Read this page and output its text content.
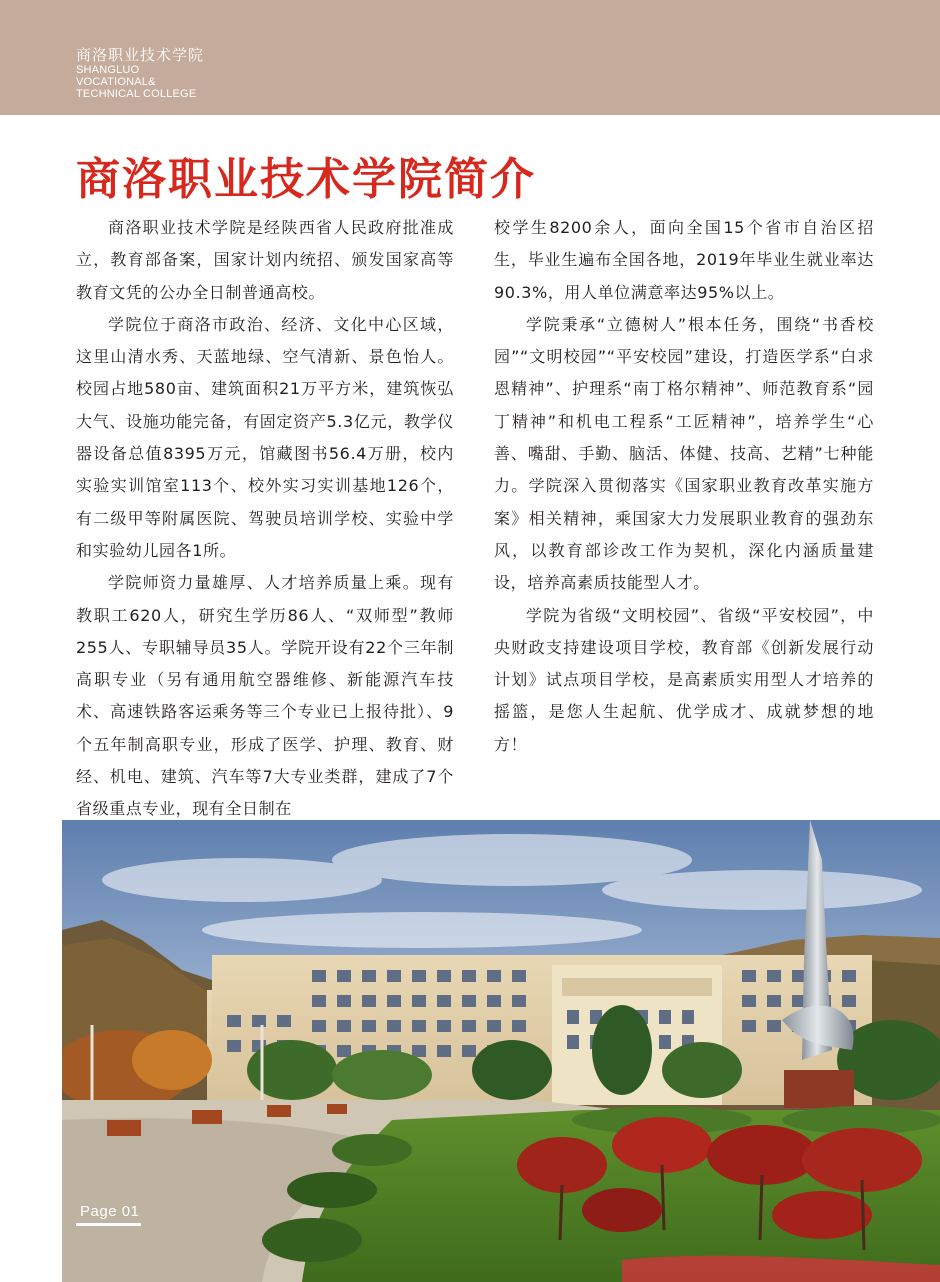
商洛职业技术学院
SHANGLUO
VOCATIONAL&
TECHNICAL COLLEGE
商洛职业技术学院简介

商洛职业技术学院是经陕西省人民政府批准成立，教育部备案，国家计划内统招、颁发国家高等教育文凭的公办全日制普通高校。

学院位于商洛市政治、经济、文化中心区域，这里山清水秀、天蓝地绿、空气清新、景色怡人。校园占地580亩、建筑面积21万平方米，建筑恢弘大气、设施功能完备，有固定资产5.3亿元，教学仪器设备总值8395万元，馆藏图书56.4万册，校内实验实训馆室113个、校外实习实训基地126个，有二级甲等附属医院、驾驶员培训学校、实验中学和实验幼儿园各1所。

学院师资力量雄厚、人才培养质量上乘。现有教职工620人，研究生学历86人、“双师型”教师255人、专职辅导员35人。学院开设有22个三年制高职专业（另有通用航空器维修、新能源汽车技术、高速铁路客运乘务等三个专业已上报待批）、9个五年制高职专业，形成了医学、护理、教育、财经、机电、建筑、汽车等7大专业类群，建成了7个省级重点专业，现有全日制在

校学生8200余人，面向全国15个省市自治区招生，毕业生遍布全国各地，2019年毕业生就业率达90.3%，用人单位满意率达95%以上。

学院秉承“立德树人”根本任务，围绕“书香校园”“文明校园”“平安校园”建设，打造医学系“白求恩精神”、护理系“南丁格尔精神”、师范教育系“园丁精神”和机电工程系“工匠精神”，培养学生“心善、嘴甜、手勤、脑活、体健、技高、艺精”七种能力。学院深入贯彻落实《国家职业教育改革实施方案》相关精神，乘国家大力发展职业教育的强劲东风，以教育部诊改工作为契机，深化内涵质量建设，培养高素质技能型人才。

学院为省级“文明校园”、省级“平安校园”，中央财政支持建设项目学校，教育部《创新发展行动计划》试点项目学校，是高素质实用型人才培养的摇篮，是您人生起航、优学成才、成就梦想的地方！

Page 01
